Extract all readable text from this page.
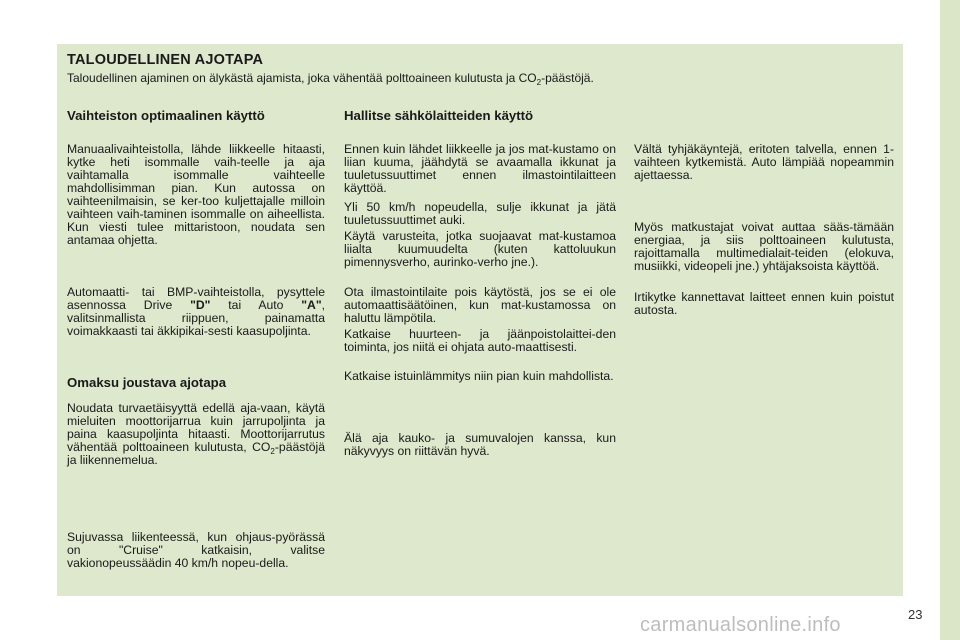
TALOUDELLINEN AJOTAPA

Taloudellinen ajaminen on älykästä ajamista, joka vähentää polttoaineen kulutusta ja $CO_2$-päästöjä.

Vaihteiston optimaalinen käyttö

Manuaalivaihteistolla, lähde liikkeelle hitaasti, kytke heti isommalle vaih-teelle ja aja vaihtamalla isommalle vaihteelle mahdollisimman pian. Kun autossa on vaihteenilmaisin, se ker-too kuljettajalle milloin vaihteen vaih-taminen isommalle on aiheellista. Kun viesti tulee mittaristoon, noudata sen antamaa ohjetta.

Automaatti- tai BMP-vaihteistolla, pysyttele asennossa Drive "D" tai Auto "A", valitsinmallista riippuen, painamatta voimakkaasti tai äkkipikai-sesti kaasupoljinta.

Omaksu joustava ajotapa

Noudata turvaetäisyyttä edellä aja-vaan, käytä mieluiten moottorijarrua kuin jarrupoljinta ja paina kaasupoljinta hitaasti. Moottorijarrutus vähentää polttoaineen kulutusta, $CO_2$-päästöjä ja liikennemelua.

Sujuvassa liikenteessä, kun ohjaus-pyörässä on "Cruise" katkaisin, valitse vakionopeussäädin 40 km/h nopeu-della.

Hallitse sähkölaitteiden käyttö

Ennen kuin lähdet liikkeelle ja jos mat-kustamo on liian kuuma, jäähdytä se avaamalla ikkunat ja tuuletussuuttimet ennen ilmastointilaitteen käyttöä.

Yli 50 km/h nopeudella, sulje ikkunat ja jätä tuuletussuuttimet auki.

Käytä varusteita, jotka suojaavat mat-kustamoa liialta kuumuudelta (kuten kattoluukun pimennysverho, aurinko-verho jne.).

Ota ilmastointilaite pois käytöstä, jos se ei ole automaattisäätöinen, kun mat-kustamossa on haluttu lämpötila.

Katkaise huurteen- ja jäänpoistolaittei-den toiminta, jos niitä ei ohjata auto-maattisesti.

Katkaise istuinlämmitys niin pian kuin mahdollista.

Älä aja kauko- ja sumuvalojen kanssa, kun näkyvyys on riittävän hyvä.

Vältä tyhjäkäyntejä, eritoten talvella, ennen 1-vaihteen kytkemistä. Auto lämpiää nopeammin ajettaessa.

Myös matkustajat voivat auttaa sääs-tämään energiaa, ja siis polttoaineen kulutusta, rajoittamalla multimedialait-teiden (elokuva, musiikki, videopeli jne.) yhtäjaksoista käyttöä.

Irtikytke kannettavat laitteet ennen kuin poistut autosta.

23
carmanualsonline.info
